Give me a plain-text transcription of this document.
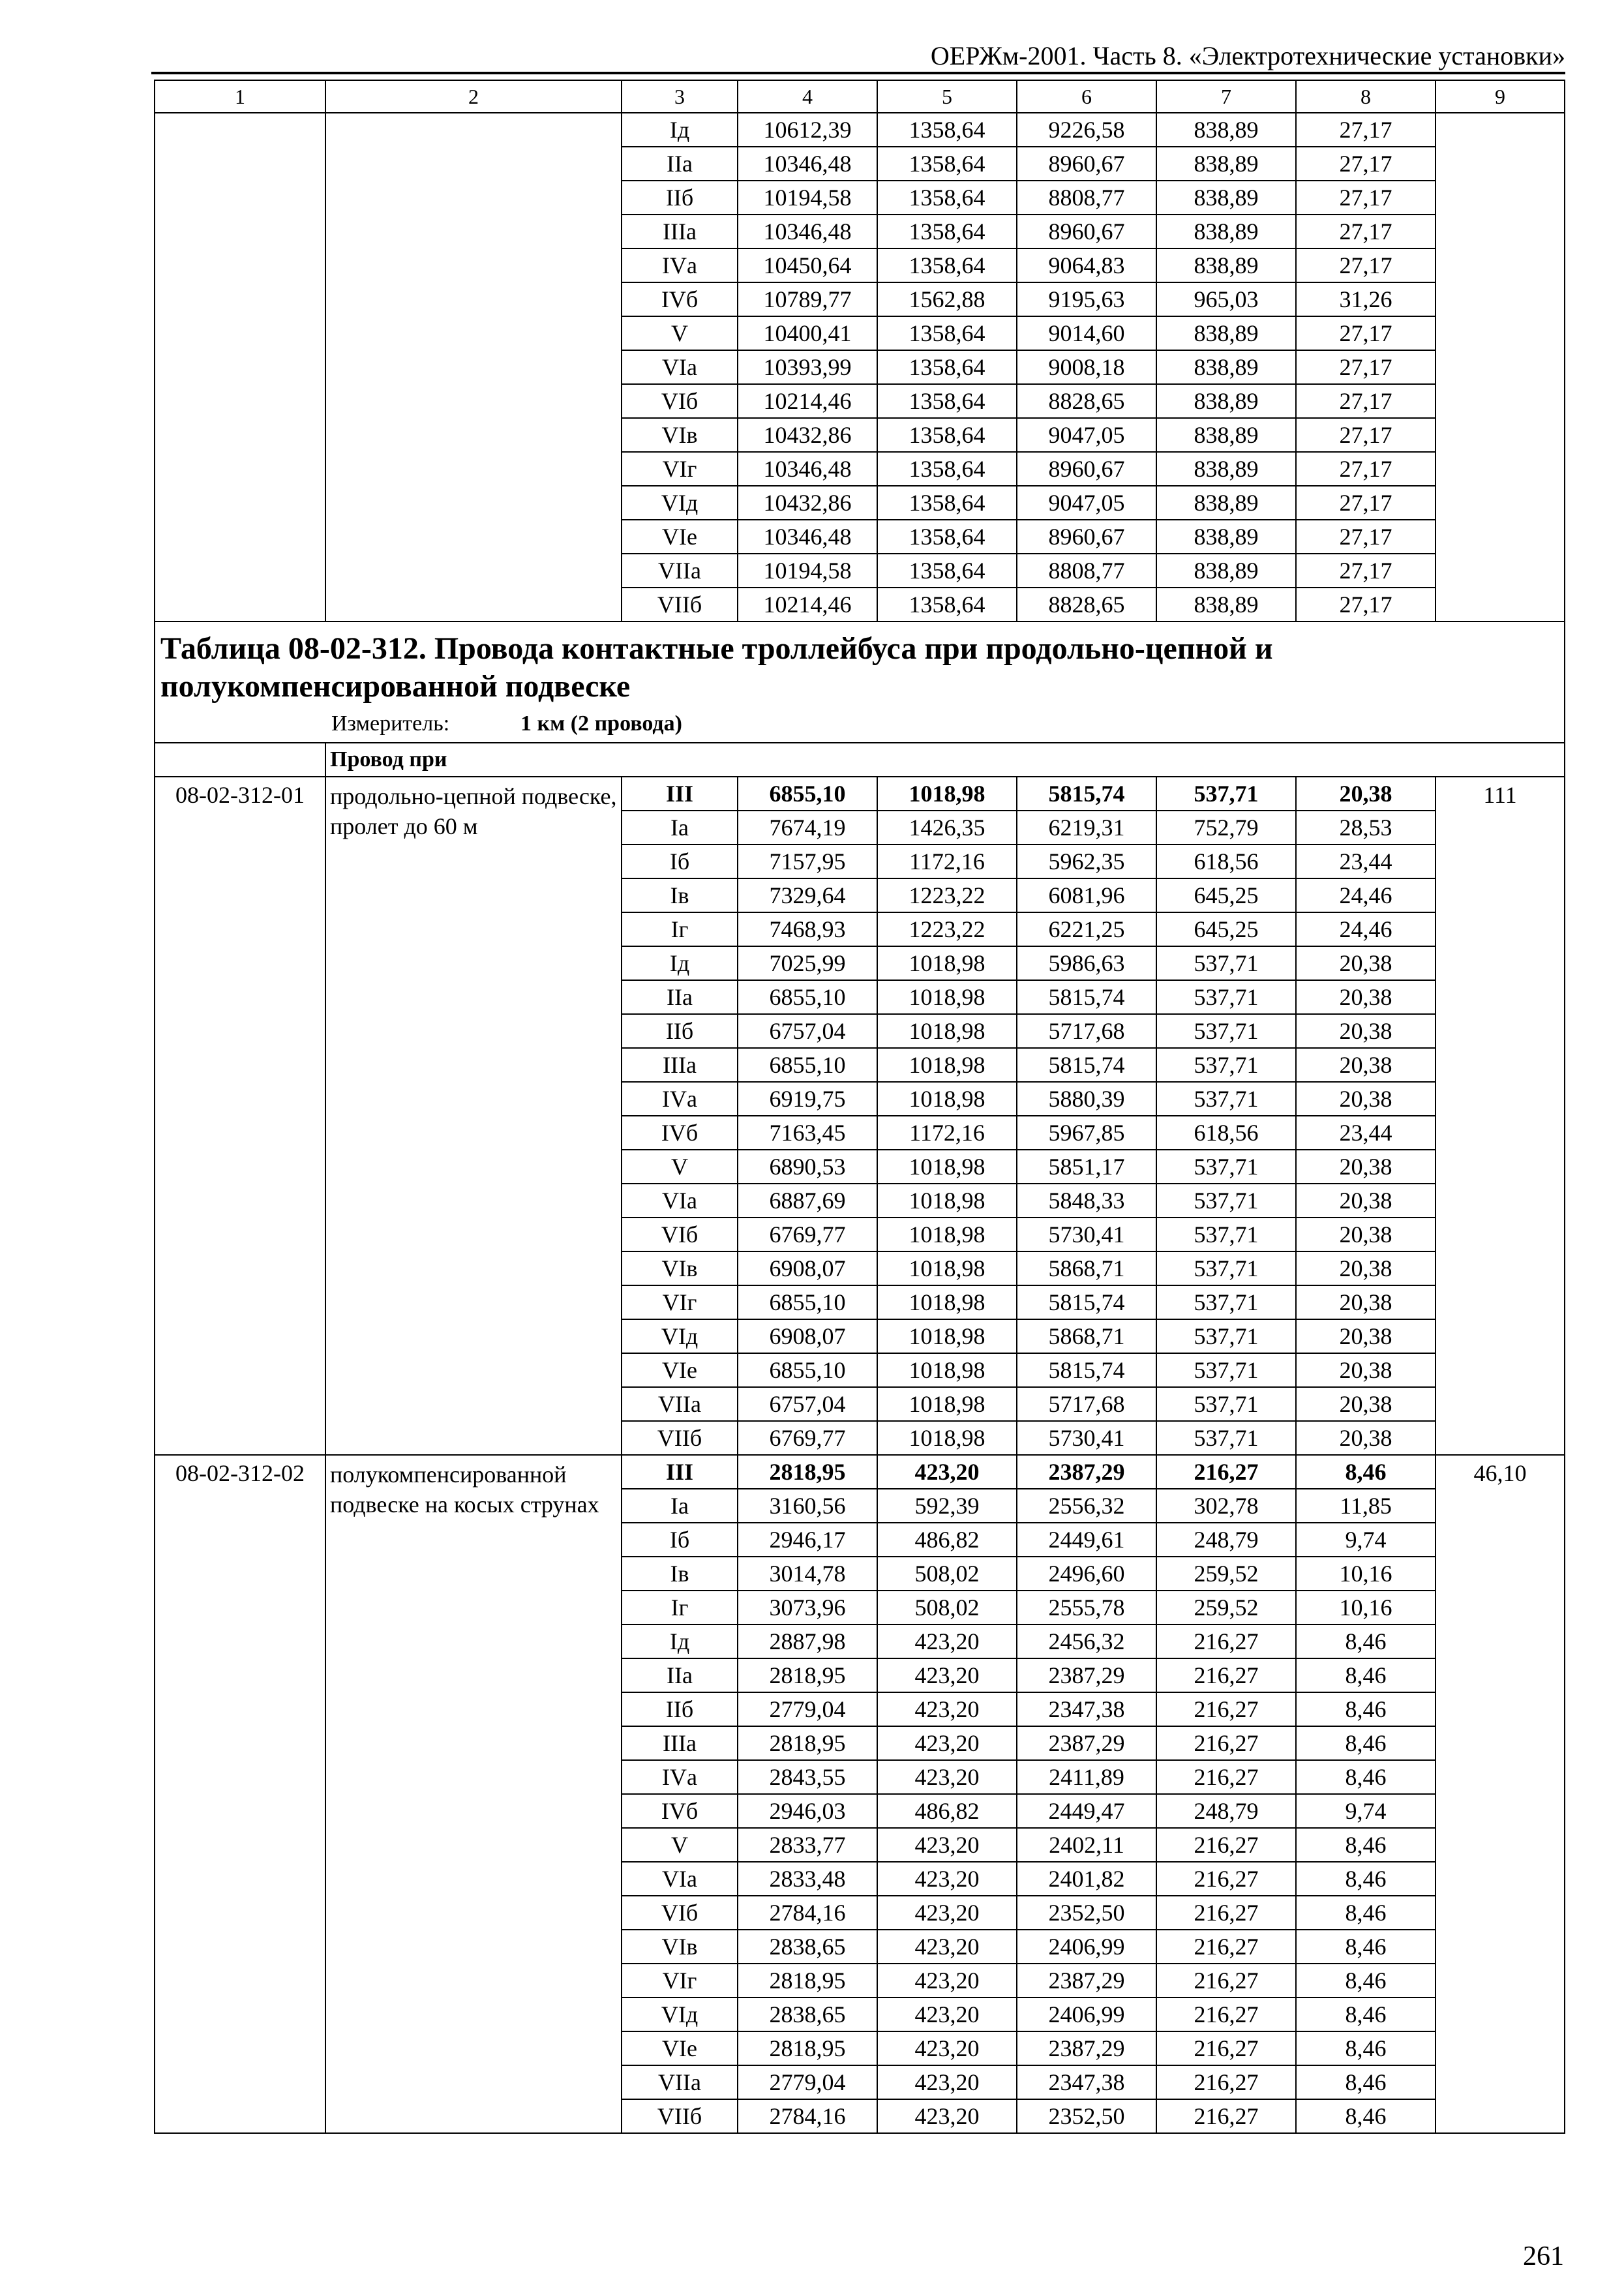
ОЕРЖм-2001. Часть 8. «Электротехнические установки»
1	2	3	4	5	6	7	8	9
		Iд	10612,39	1358,64	9226,58	838,89	27,17	
		IIа	10346,48	1358,64	8960,67	838,89	27,17	
		IIб	10194,58	1358,64	8808,77	838,89	27,17	
		IIIа	10346,48	1358,64	8960,67	838,89	27,17	
		IVа	10450,64	1358,64	9064,83	838,89	27,17	
		IVб	10789,77	1562,88	9195,63	965,03	31,26	
		V	10400,41	1358,64	9014,60	838,89	27,17	
		VIа	10393,99	1358,64	9008,18	838,89	27,17	
		VIб	10214,46	1358,64	8828,65	838,89	27,17	
		VIв	10432,86	1358,64	9047,05	838,89	27,17	
		VIг	10346,48	1358,64	8960,67	838,89	27,17	
		VIд	10432,86	1358,64	9047,05	838,89	27,17	
		VIе	10346,48	1358,64	8960,67	838,89	27,17	
		VIIа	10194,58	1358,64	8808,77	838,89	27,17	
		VIIб	10214,46	1358,64	8828,65	838,89	27,17	

Таблица 08-02-312. Провода контактные троллейбуса при продольно-цепной и полукомпенсированной подвеске
Измеритель: 1 км (2 провода)								

	Провод при							
08-02-312-01	продольно-цепной подвеске, пролет до 60 м	III	6855,10	1018,98	5815,74	537,71	20,38	111
		Iа	7674,19	1426,35	6219,31	752,79	28,53	
		Iб	7157,95	1172,16	5962,35	618,56	23,44	
		Iв	7329,64	1223,22	6081,96	645,25	24,46	
		Iг	7468,93	1223,22	6221,25	645,25	24,46	
		Iд	7025,99	1018,98	5986,63	537,71	20,38	
		IIа	6855,10	1018,98	5815,74	537,71	20,38	
		IIб	6757,04	1018,98	5717,68	537,71	20,38	
		IIIа	6855,10	1018,98	5815,74	537,71	20,38	
		IVа	6919,75	1018,98	5880,39	537,71	20,38	
		IVб	7163,45	1172,16	5967,85	618,56	23,44	
		V	6890,53	1018,98	5851,17	537,71	20,38	
		VIа	6887,69	1018,98	5848,33	537,71	20,38	
		VIб	6769,77	1018,98	5730,41	537,71	20,38	
		VIв	6908,07	1018,98	5868,71	537,71	20,38	
		VIг	6855,10	1018,98	5815,74	537,71	20,38	
		VIд	6908,07	1018,98	5868,71	537,71	20,38	
		VIе	6855,10	1018,98	5815,74	537,71	20,38	
		VIIа	6757,04	1018,98	5717,68	537,71	20,38	
		VIIб	6769,77	1018,98	5730,41	537,71	20,38	
08-02-312-02	полукомпенсированной подвеске на косых струнах	III	2818,95	423,20	2387,29	216,27	8,46	46,10
		Iа	3160,56	592,39	2556,32	302,78	11,85	
		Iб	2946,17	486,82	2449,61	248,79	9,74	
		Iв	3014,78	508,02	2496,60	259,52	10,16	
		Iг	3073,96	508,02	2555,78	259,52	10,16	
		Iд	2887,98	423,20	2456,32	216,27	8,46	
		IIа	2818,95	423,20	2387,29	216,27	8,46	
		IIб	2779,04	423,20	2347,38	216,27	8,46	
		IIIа	2818,95	423,20	2387,29	216,27	8,46	
		IVа	2843,55	423,20	2411,89	216,27	8,46	
		IVб	2946,03	486,82	2449,47	248,79	9,74	
		V	2833,77	423,20	2402,11	216,27	8,46	
		VIа	2833,48	423,20	2401,82	216,27	8,46	
		VIб	2784,16	423,20	2352,50	216,27	8,46	
		VIв	2838,65	423,20	2406,99	216,27	8,46	
		VIг	2818,95	423,20	2387,29	216,27	8,46	
		VIд	2838,65	423,20	2406,99	216,27	8,46	
		VIе	2818,95	423,20	2387,29	216,27	8,46	
		VIIа	2779,04	423,20	2347,38	216,27	8,46	
		VIIб	2784,16	423,20	2352,50	216,27	8,46	
261
